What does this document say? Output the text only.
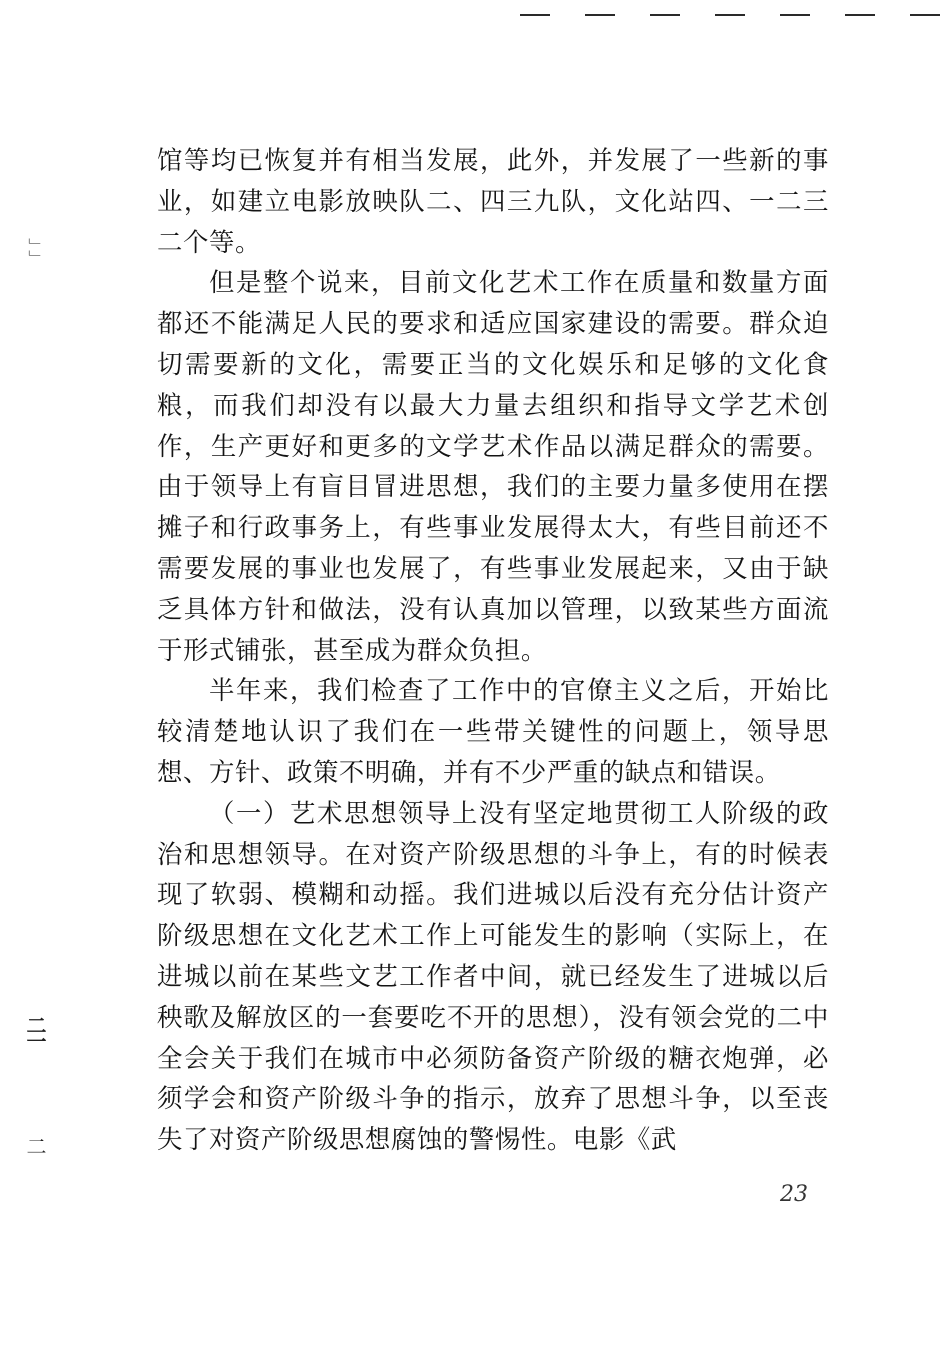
﹂﹂
二一
二

馆等均已恢复并有相当发展，此外，并发展了一些新的事业，如建立电影放映队二、四三九队，文化站四、一二三二个等。

但是整个说来，目前文化艺术工作在质量和数量方面都还不能满足人民的要求和适应国家建设的需要。群众迫切需要新的文化，需要正当的文化娱乐和足够的文化食粮，而我们却没有以最大力量去组织和指导文学艺术创作，生产更好和更多的文学艺术作品以满足群众的需要。由于领导上有盲目冒进思想，我们的主要力量多使用在摆摊子和行政事务上，有些事业发展得太大，有些目前还不需要发展的事业也发展了，有些事业发展起来，又由于缺乏具体方针和做法，没有认真加以管理，以致某些方面流于形式铺张，甚至成为群众负担。

半年来，我们检查了工作中的官僚主义之后，开始比较清楚地认识了我们在一些带关键性的问题上，领导思想、方针、政策不明确，并有不少严重的缺点和错误。

（一）艺术思想领导上没有坚定地贯彻工人阶级的政治和思想领导。在对资产阶级思想的斗争上，有的时候表现了软弱、模糊和动摇。我们进城以后没有充分估计资产阶级思想在文化艺术工作上可能发生的影响（实际上，在进城以前在某些文艺工作者中间，就已经发生了进城以后秧歌及解放区的一套要吃不开的思想），没有领会党的二中全会关于我们在城市中必须防备资产阶级的糖衣炮弹，必须学会和资产阶级斗争的指示，放弃了思想斗争，以至丧失了对资产阶级思想腐蚀的警惕性。电影《武

23
